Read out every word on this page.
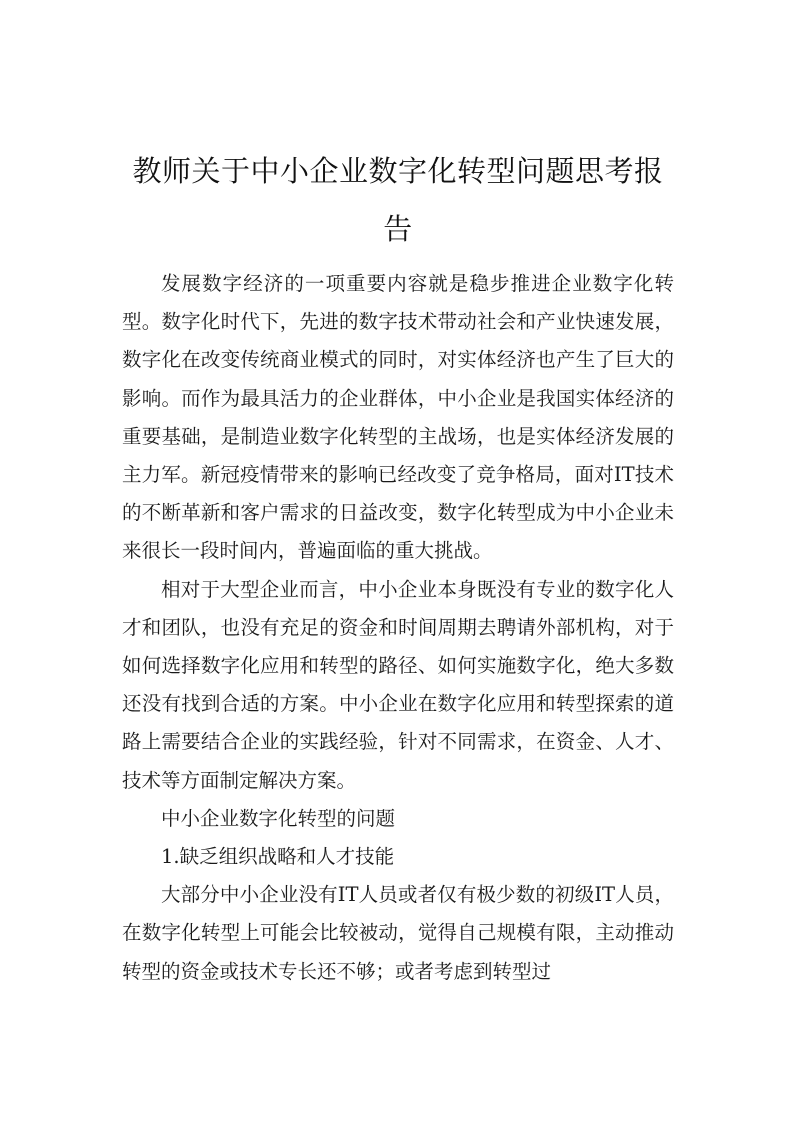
教师关于中小企业数字化转型问题思考报告

发展数字经济的一项重要内容就是稳步推进企业数字化转型。数字化时代下，先进的数字技术带动社会和产业快速发展，数字化在改变传统商业模式的同时，对实体经济也产生了巨大的影响。而作为最具活力的企业群体，中小企业是我国实体经济的重要基础，是制造业数字化转型的主战场，也是实体经济发展的主力军。新冠疫情带来的影响已经改变了竞争格局，面对IT技术的不断革新和客户需求的日益改变，数字化转型成为中小企业未来很长一段时间内，普遍面临的重大挑战。

相对于大型企业而言，中小企业本身既没有专业的数字化人才和团队，也没有充足的资金和时间周期去聘请外部机构，对于如何选择数字化应用和转型的路径、如何实施数字化，绝大多数还没有找到合适的方案。中小企业在数字化应用和转型探索的道路上需要结合企业的实践经验，针对不同需求，在资金、人才、技术等方面制定解决方案。

中小企业数字化转型的问题
1.缺乏组织战略和人才技能

大部分中小企业没有IT人员或者仅有极少数的初级IT人员，在数字化转型上可能会比较被动，觉得自己规模有限，主动推动转型的资金或技术专长还不够；或者考虑到转型过
